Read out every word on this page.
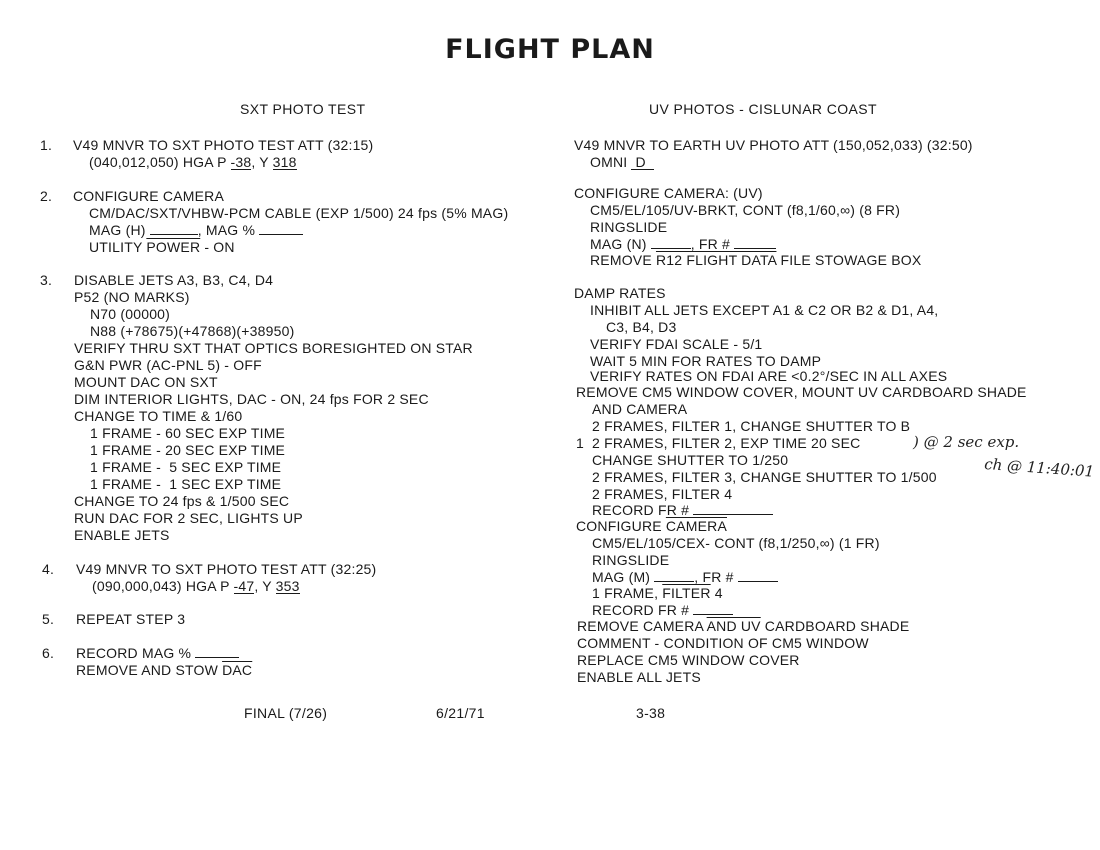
FLIGHT PLAN

SXT PHOTO TEST	UV PHOTOS - CISLUNAR COAST

1. V49 MNVR TO SXT PHOTO TEST ATT (32:15)

(040,012,050) HGA P -38, Y 318

2. CONFIGURE CAMERA

CM/DAC/SXT/VHBW-PCM CABLE (EXP 1/500) 24 fps (5% MAG)

MAG (H)	, MAG %

UTILITY POWER - ON

3. DISABLE JETS A3, B3, C4, D4

P52 (NO MARKS)

N70 (00000)

N88 (+78675)(+47868)(+38950)

VERIFY THRU SXT THAT OPTICS BORESIGHTED ON STAR

G&N PWR (AC-PNL 5) - OFF

MOUNT DAC ON SXT

DIM INTERIOR LIGHTS, DAC - ON, 24 fps FOR 2 SEC

CHANGE TO TIME & 1/60

1 FRAME - 60 SEC EXP TIME

1 FRAME - 20 SEC EXP TIME

1 FRAME -  5 SEC EXP TIME

1 FRAME -  1 SEC EXP TIME

CHANGE TO 24 fps & 1/500 SEC

RUN DAC FOR 2 SEC, LIGHTS UP

ENABLE JETS

4. V49 MNVR TO SXT PHOTO TEST ATT (32:25)

(090,000,043) HGA P -47, Y 353

5. REPEAT STEP 3

6. RECORD MAG %

REMOVE AND STOW $\overline{DAC}$

V49 MNVR TO EARTH UV PHOTO ATT (150,052,033) (32:50)

OMNI D

CONFIGURE CAMERA: (UV)

CM5/EL/105/UV-BRKT, CONT (f8,1/60,∞) (8 FR)

RINGSLIDE

MAG (N)	, FR #

REMOVE R12 FLIGHT DATA FILE STOWAGE BOX

DAMP RATES

INHIBIT ALL JETS EXCEPT A1 & C2 OR B2 & D1, A4,

C3, B4, D3

VERIFY FDAI SCALE - 5/1

WAIT 5 MIN FOR RATES TO DAMP

VERIFY RATES ON FDAI ARE <0.2°/SEC IN ALL AXES

REMOVE CM5 WINDOW COVER, MOUNT UV CARDBOARD SHADE

AND CAMERA

2 FRAMES, FILTER 1, CHANGE SHUTTER TO B

1 2 FRAMES, FILTER 2, EXP TIME 20 SEC

CHANGE SHUTTER TO 1/250

2 FRAMES, FILTER 3, CHANGE SHUTTER TO 1/500

2 FRAMES, FILTER 4

RECORD FR #

CONFIGURE CAMERA

CM5/EL/105/CEX- CONT (f8,1/250,∞) (1 FR)

RINGSLIDE

MAG (M)	, FR #

1 FRAME, FILTER 4

RECORD FR #

REMOVE CAMERA AND UV CARDBOARD SHADE

COMMENT - CONDITION OF CM5 WINDOW

REPLACE CM5 WINDOW COVER

ENABLE ALL JETS

) @ 2 sec exp.

ch @ 11:40:01

FINAL (7/26)	6/21/71	3-38
